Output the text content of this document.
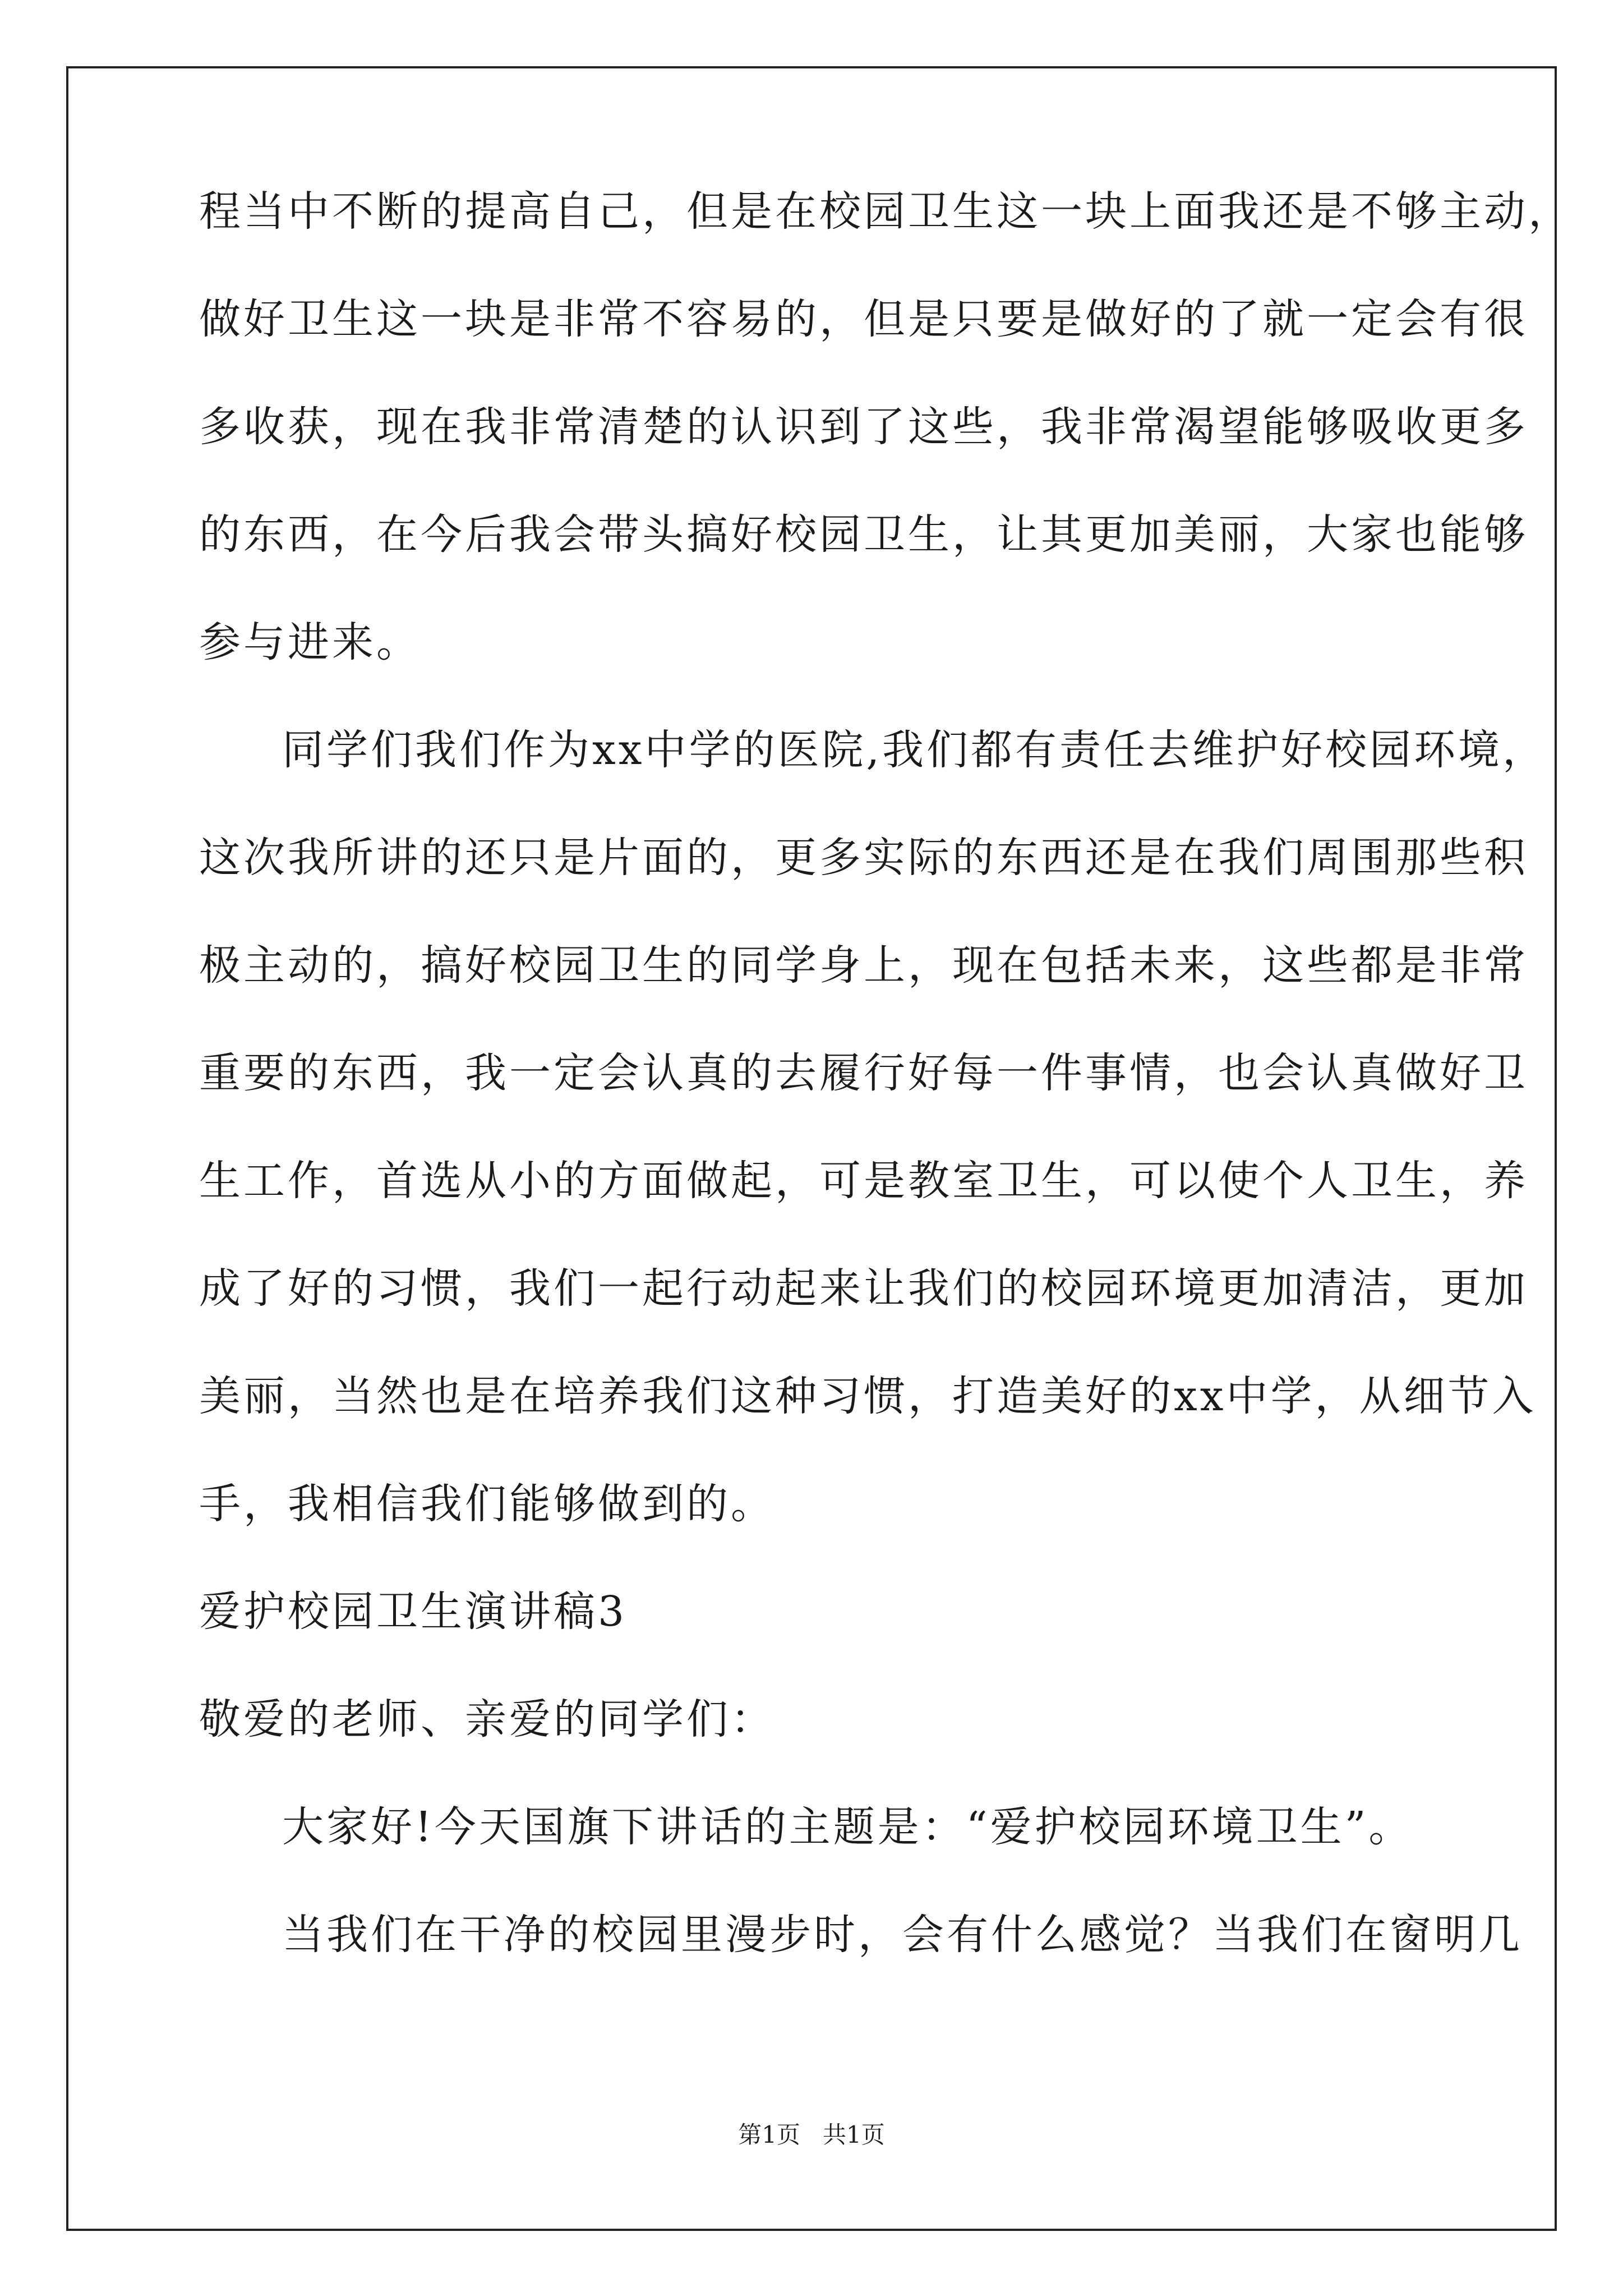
程当中不断的提高自己，但是在校园卫生这一块上面我还是不够主动，
做好卫生这一块是非常不容易的，但是只要是做好的了就一定会有很
多收获，现在我非常清楚的认识到了这些，我非常渴望能够吸收更多
的东西，在今后我会带头搞好校园卫生，让其更加美丽，大家也能够
参与进来。
同学们我们作为xx中学的医院,我们都有责任去维护好校园环境，
这次我所讲的还只是片面的，更多实际的东西还是在我们周围那些积
极主动的，搞好校园卫生的同学身上，现在包括未来，这些都是非常
重要的东西，我一定会认真的去履行好每一件事情，也会认真做好卫
生工作，首选从小的方面做起，可是教室卫生，可以使个人卫生，养
成了好的习惯，我们一起行动起来让我们的校园环境更加清洁，更加
美丽，当然也是在培养我们这种习惯，打造美好的xx中学，从细节入
手，我相信我们能够做到的。
爱护校园卫生演讲稿3
敬爱的老师、亲爱的同学们：
大家好!今天国旗下讲话的主题是：“爱护校园环境卫生”。
当我们在干净的校园里漫步时，会有什么感觉？当我们在窗明几
第1页   共1页
